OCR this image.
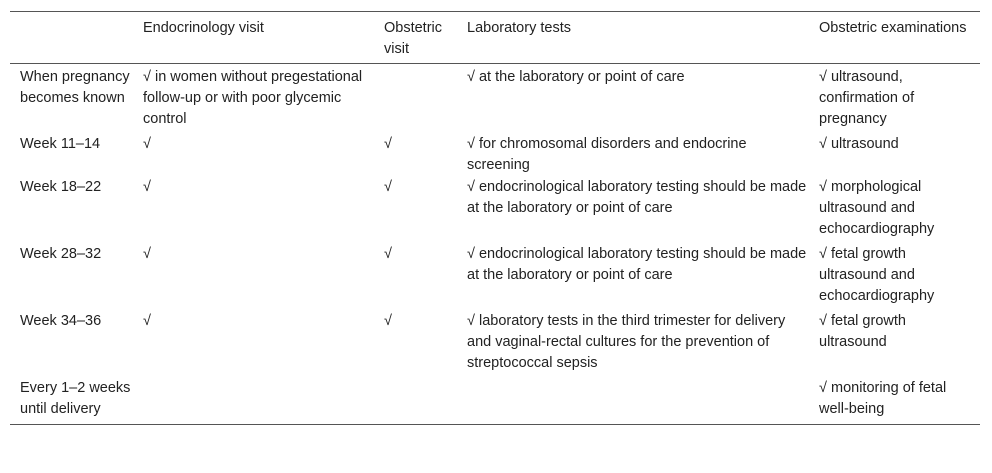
	Endocrinology visit	Obstetric visit	Laboratory tests	Obstetric examinations
When pregnancy becomes known	√ in women without pregestational follow-up or with poor glycemic control		√ at the laboratory or point of care	√ ultrasound, confirmation of pregnancy
Week 11–14	√	√	√ for chromosomal disorders and endocrine screening	√ ultrasound
Week 18–22	√	√	√ endocrinological laboratory testing should be made at the laboratory or point of care	√ morphological ultrasound and echocardiography
Week 28–32	√	√	√ endocrinological laboratory testing should be made at the laboratory or point of care	√ fetal growth ultrasound and echocardiography
Week 34–36	√	√	√ laboratory tests in the third trimester for delivery and vaginal-rectal cultures for the prevention of streptococcal sepsis	√ fetal growth ultrasound
Every 1–2 weeks until delivery				√ monitoring of fetal well-being
